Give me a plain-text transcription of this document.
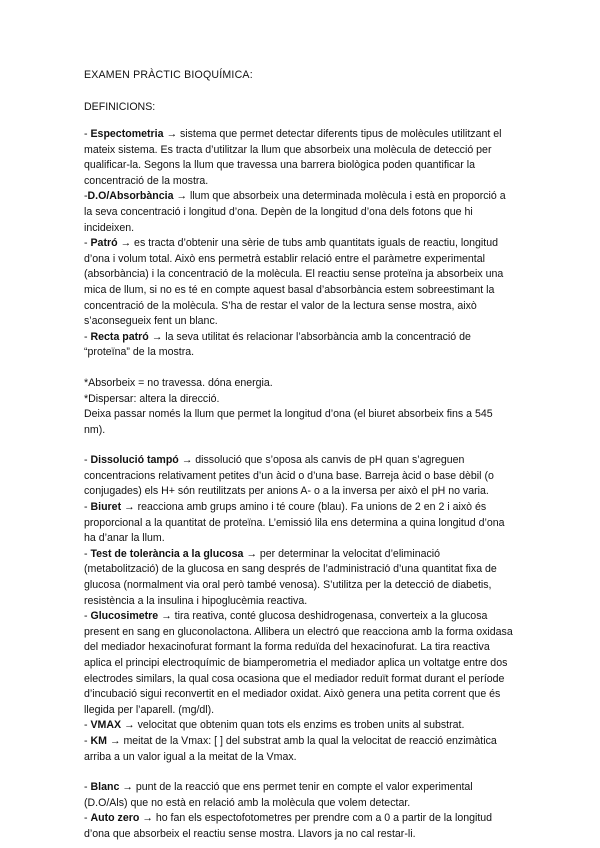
EXAMEN PRÀCTIC BIOQUÍMICA:
DEFINICIONS:

- Espectometria → sistema que permet detectar diferents tipus de molècules utilitzant el mateix sistema. Es tracta d’utilitzar la llum que absorbeix una molècula de detecció per qualificar-la. Segons la llum que travessa una barrera biològica poden quantificar la concentració de la mostra.

-D.O/Absorbància → llum que absorbeix una determinada molècula i està en proporció a la seva concentració i longitud d’ona. Depèn de la longitud d’ona dels fotons que hi incideixen.

- Patró → es tracta d’obtenir una sèrie de tubs amb quantitats iguals de reactiu, longitud d’ona i volum total. Això ens permetrà establir relació entre el paràmetre experimental (absorbància) i la concentració de la molècula. El reactiu sense proteïna ja absorbeix una mica de llum, si no es té en compte aquest basal d’absorbància estem sobreestimant la concentració de la molècula. S’ha de restar el valor de la lectura sense mostra, això s’aconsegueix fent un blanc.

- Recta patró → la seva utilitat és relacionar l’absorbància amb la concentració de “proteïna” de la mostra.

*Absorbeix = no travessa. dóna energia.

*Dispersar: altera la direcció.

Deixa passar només la llum que permet la longitud d’ona (el biuret absorbeix fins a 545 nm).

- Dissolució tampó → dissolució que s’oposa als canvis de pH quan s’agreguen concentracions relativament petites d’un àcid o d’una base. Barreja àcid o base dèbil (o conjugades) els H+ són reutilitzats per anions A- o a la inversa per això el pH no varia.

- Biuret → reacciona amb grups amino i té coure (blau). Fa unions de 2 en 2 i això és proporcional a la quantitat de proteïna. L’emissió lila ens determina a quina longitud d’ona ha d’anar la llum.

- Test de tolerància a la glucosa → per determinar la velocitat d’eliminació (metabolització) de la glucosa en sang després de l’administració d’una quantitat fixa de glucosa (normalment via oral però també venosa). S’utilitza per la detecció de diabetis, resistència a la insulina i hipoglucèmia reactiva.

- Glucosimetre → tira reativa, conté glucosa deshidrogenasa, converteix a la glucosa present en sang en gluconolactona. Allibera un electró que reacciona amb la forma oxidasa del mediador hexacinofurat formant la forma reduïda del hexacinofurat. La tira reactiva aplica el principi electroquímic de biamperometria el mediador aplica un voltatge entre dos electrodes similars, la qual cosa ocasiona que el mediador reduït format durant el període d’incubació sigui reconvertit en el mediador oxidat. Això genera una petita corrent que és llegida per l’aparell. (mg/dl).

- VMAX → velocitat que obtenim quan tots els enzims es troben units al substrat.

- KM → meitat de la Vmax: [ ] del substrat amb la qual la velocitat de reacció enzimàtica arriba a un valor igual a la meitat de la Vmax.

- Blanc → punt de la reacció que ens permet tenir en compte el valor experimental (D.O/Als) que no està en relació amb la molècula que volem detectar.

- Auto zero → ho fan els espectofotometres per prendre com a 0 a partir de la longitud d’ona que absorbeix el reactiu sense mostra. Llavors ja no cal restar-li.
